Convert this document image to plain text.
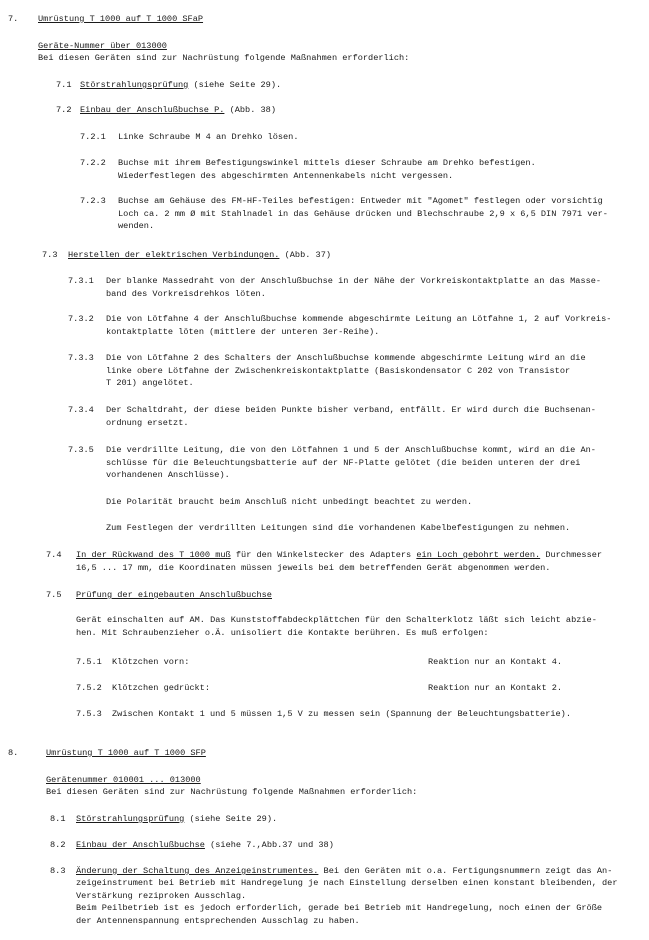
7. Umrüstung T 1000 auf T 1000 SFaP
Geräte-Nummer über 013000
Bei diesen Geräten sind zur Nachrüstung folgende Maßnahmen erforderlich:
7.1 Störstrahlungsprüfung (siehe Seite 29).
7.2 Einbau der Anschlußbuchse P. (Abb. 38)
7.2.1 Linke Schraube M 4 an Drehko lösen.
7.2.2 Buchse mit ihrem Befestigungswinkel mittels dieser Schraube am Drehko befestigen.
Wiederfestlegen des abgeschirmten Antennenkabels nicht vergessen.
7.2.3 Buchse am Gehäuse des FM-HF-Teiles befestigen: Entweder mit "Agomet" festlegen oder vorsichtig
Loch ca. 2 mm Ø mit Stahlnadel in das Gehäuse drücken und Blechschraube 2,9 x 6,5 DIN 7971 ver-
wenden.
7.3 Herstellen der elektrischen Verbindungen. (Abb. 37)
7.3.1 Der blanke Massedraht von der Anschlußbuchse in der Nähe der Vorkreiskontaktplatte an das Masse-
band des Vorkreisdrehkos löten.
7.3.2 Die von Lötfahne 4 der Anschlußbuchse kommende abgeschirmte Leitung an Lötfahne 1, 2 auf Vorkreis-
kontaktplatte löten (mittlere der unteren 3er-Reihe).
7.3.3 Die von Lötfahne 2 des Schalters der Anschlußbuchse kommende abgeschirmte Leitung wird an die
linke obere Lötfahne der Zwischenkreiskontaktplatte (Basiskondensator C 202 von Transistor
T 201) angelötet.
7.3.4 Der Schaltdraht, der diese beiden Punkte bisher verband, entfällt. Er wird durch die Buchsenan-
ordnung ersetzt.
7.3.5 Die verdrillte Leitung, die von den Lötfahnen 1 und 5 der Anschlußbuchse kommt, wird an die An-
schlüsse für die Beleuchtungsbatterie auf der NF-Platte gelötet (die beiden unteren der drei
vorhandenen Anschlüsse).
Die Polarität braucht beim Anschluß nicht unbedingt beachtet zu werden.
Zum Festlegen der verdrillten Leitungen sind die vorhandenen Kabelbefestigungen zu nehmen.
7.4 In der Rückwand des T 1000 muß für den Winkelstecker des Adapters ein Loch gebohrt werden. Durchmesser
16,5 ... 17 mm, die Koordinaten müssen jeweils bei dem betreffenden Gerät abgenommen werden.
7.5 Prüfung der eingebauten Anschlußbuchse
Gerät einschalten auf AM. Das Kunststoffabdeckplättchen für den Schalterklotz läßt sich leicht abzie-
hen. Mit Schraubenzieher o.Ä. unisoliert die Kontakte berühren. Es muß erfolgen:
7.5.1 Klötzchen vorn:	Reaktion nur an Kontakt 4.
7.5.2 Klötzchen gedrückt:	Reaktion nur an Kontakt 2.
7.5.3 Zwischen Kontakt 1 und 5 müssen 1,5 V zu messen sein (Spannung der Beleuchtungsbatterie).
8.	Umrüstung T 1000 auf T 1000 SFP
Gerätenummer 010001 ... 013000
Bei diesen Geräten sind zur Nachrüstung folgende Maßnahmen erforderlich:
8.1 Störstrahlungsprüfung (siehe Seite 29).
8.2 Einbau der Anschlußbuchse (siehe 7.,Abb.37 und 38)
8.3 Änderung der Schaltung des Anzeigeinstrumentes. Bei den Geräten mit o.a. Fertigungsnummern zeigt das An-
zeigeinstrument bei Betrieb mit Handregelung je nach Einstellung derselben einen konstant bleibenden, der
Verstärkung reziproken Ausschlag.
Beim Peilbetrieb ist es jedoch erforderlich, gerade bei Betrieb mit Handregelung, noch einen der Größe
der Antennenspannung entsprechenden Ausschlag zu haben.
